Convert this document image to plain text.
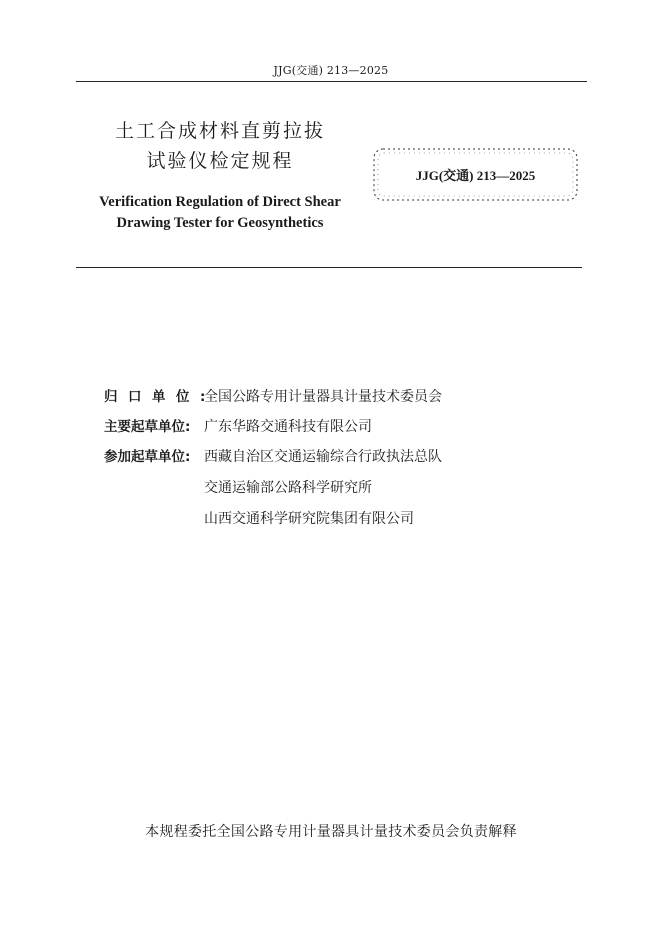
JJG(交通) 213—2025
土工合成材料直剪拉拔
试验仪检定规程
Verification Regulation of Direct Shear
Drawing Tester for Geosynthetics
JJG(交通) 213—2025
归口单位:
全国公路专用计量器具计量技术委员会
主要起草单位: 广东华路交通科技有限公司
参加起草单位: 西藏自治区交通运输综合行政执法总队
交通运输部公路科学研究所
山西交通科学研究院集团有限公司
本规程委托全国公路专用计量器具计量技术委员会负责解释
